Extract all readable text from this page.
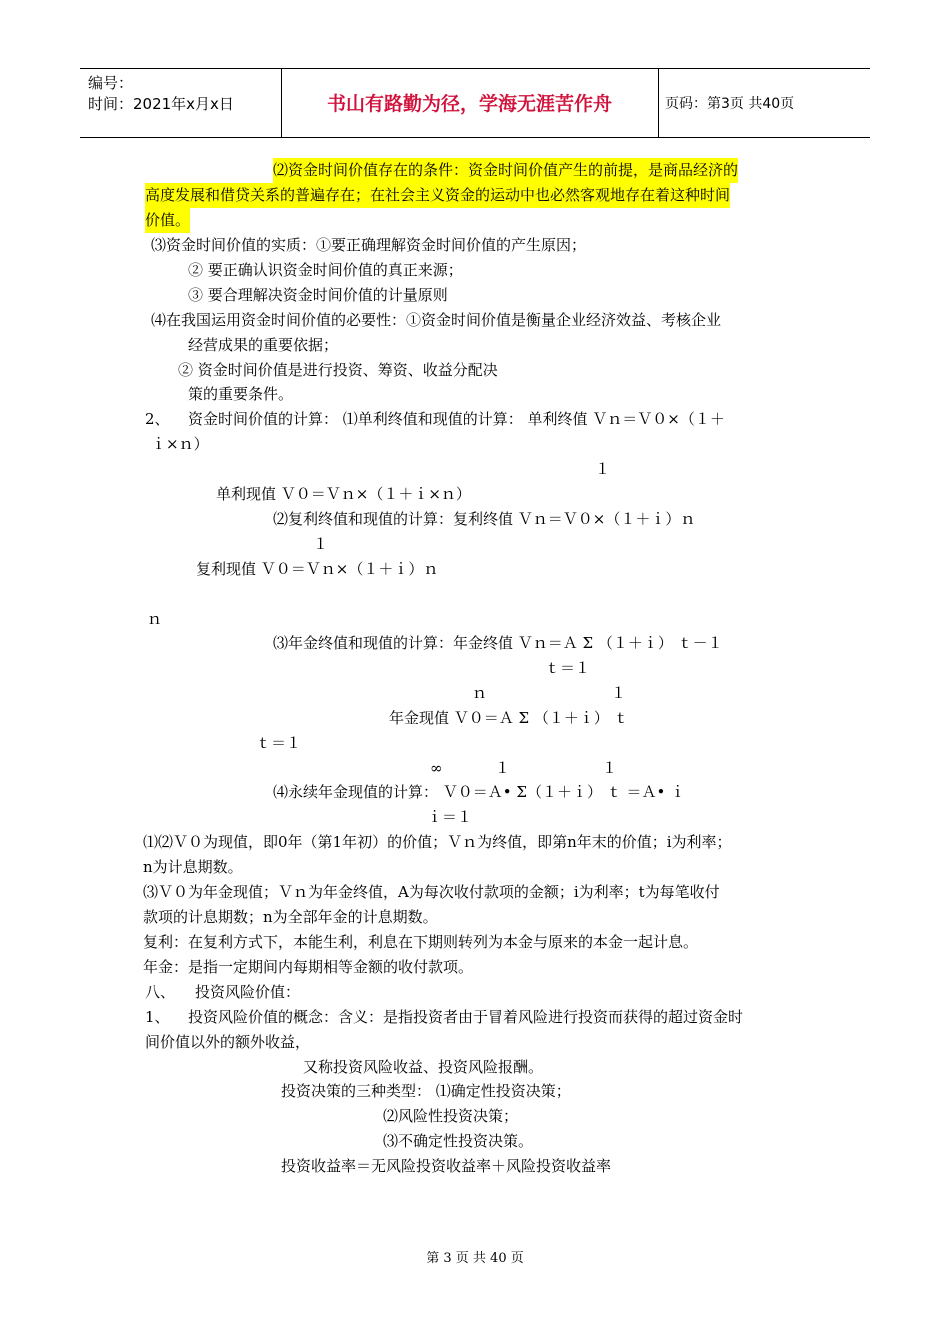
编号：
时间：2021年x月x日	书山有路勤为径，学海无涯苦作舟	页码：第3页 共40页
⑵资金时间价值存在的条件：资金时间价值产生的前提，是商品经济的
高度发展和借贷关系的普遍存在；在社会主义资金的运动中也必然客观地存在着这种时间
价值。
⑶资金时间价值的实质：①要正确理解资金时间价值的产生原因；
② 要正确认识资金时间价值的真正来源；
③ 要合理解决资金时间价值的计量原则
⑷在我国运用资金时间价值的必要性：①资金时间价值是衡量企业经济效益、考核企业
经营成果的重要依据；
② 资金时间价值是进行投资、筹资、收益分配决
策的重要条件。
2、 资金时间价值的计算： ⑴单利终值和现值的计算： 单利终值 Ｖｎ＝Ｖ０×（１＋
ｉ×ｎ）
１
单利现值 Ｖ０＝Ｖｎ×（１＋ｉ×ｎ）
⑵复利终值和现值的计算：复利终值 Ｖｎ＝Ｖ０×（１＋ｉ）ｎ
１
复利现值 Ｖ０＝Ｖｎ×（１＋ｉ）ｎ
ｎ
⑶年金终值和现值的计算：年金终值 Ｖｎ＝Ａ Σ （１＋ｉ） ｔ－１
ｔ＝１
ｎ	１
年金现值 Ｖ０＝Ａ Σ （１＋ｉ） ｔ
ｔ＝１
∞	１	１
⑷永续年金现值的计算： Ｖ０＝Ａ• Σ（１＋ｉ） ｔ ＝Ａ• ｉ
ｉ＝１
⑴⑵Ｖ０为现值，即0年（第1年初）的价值；Ｖｎ为终值，即第n年末的价值；i为利率；
n为计息期数。
⑶Ｖ０为年金现值；Ｖｎ为年金终值，A为每次收付款项的金额；i为利率；t为每笔收付
款项的计息期数；n为全部年金的计息期数。
复利：在复利方式下，本能生利，利息在下期则转列为本金与原来的本金一起计息。
年金：是指一定期间内每期相等金额的收付款项。
八、 投资风险价值：
1、 投资风险价值的概念：含义：是指投资者由于冒着风险进行投资而获得的超过资金时
间价值以外的额外收益，
又称投资风险收益、投资风险报酬。
投资决策的三种类型： ⑴确定性投资决策；
⑵风险性投资决策；
⑶不确定性投资决策。
投资收益率＝无风险投资收益率＋风险投资收益率
第 3 页 共 40 页
